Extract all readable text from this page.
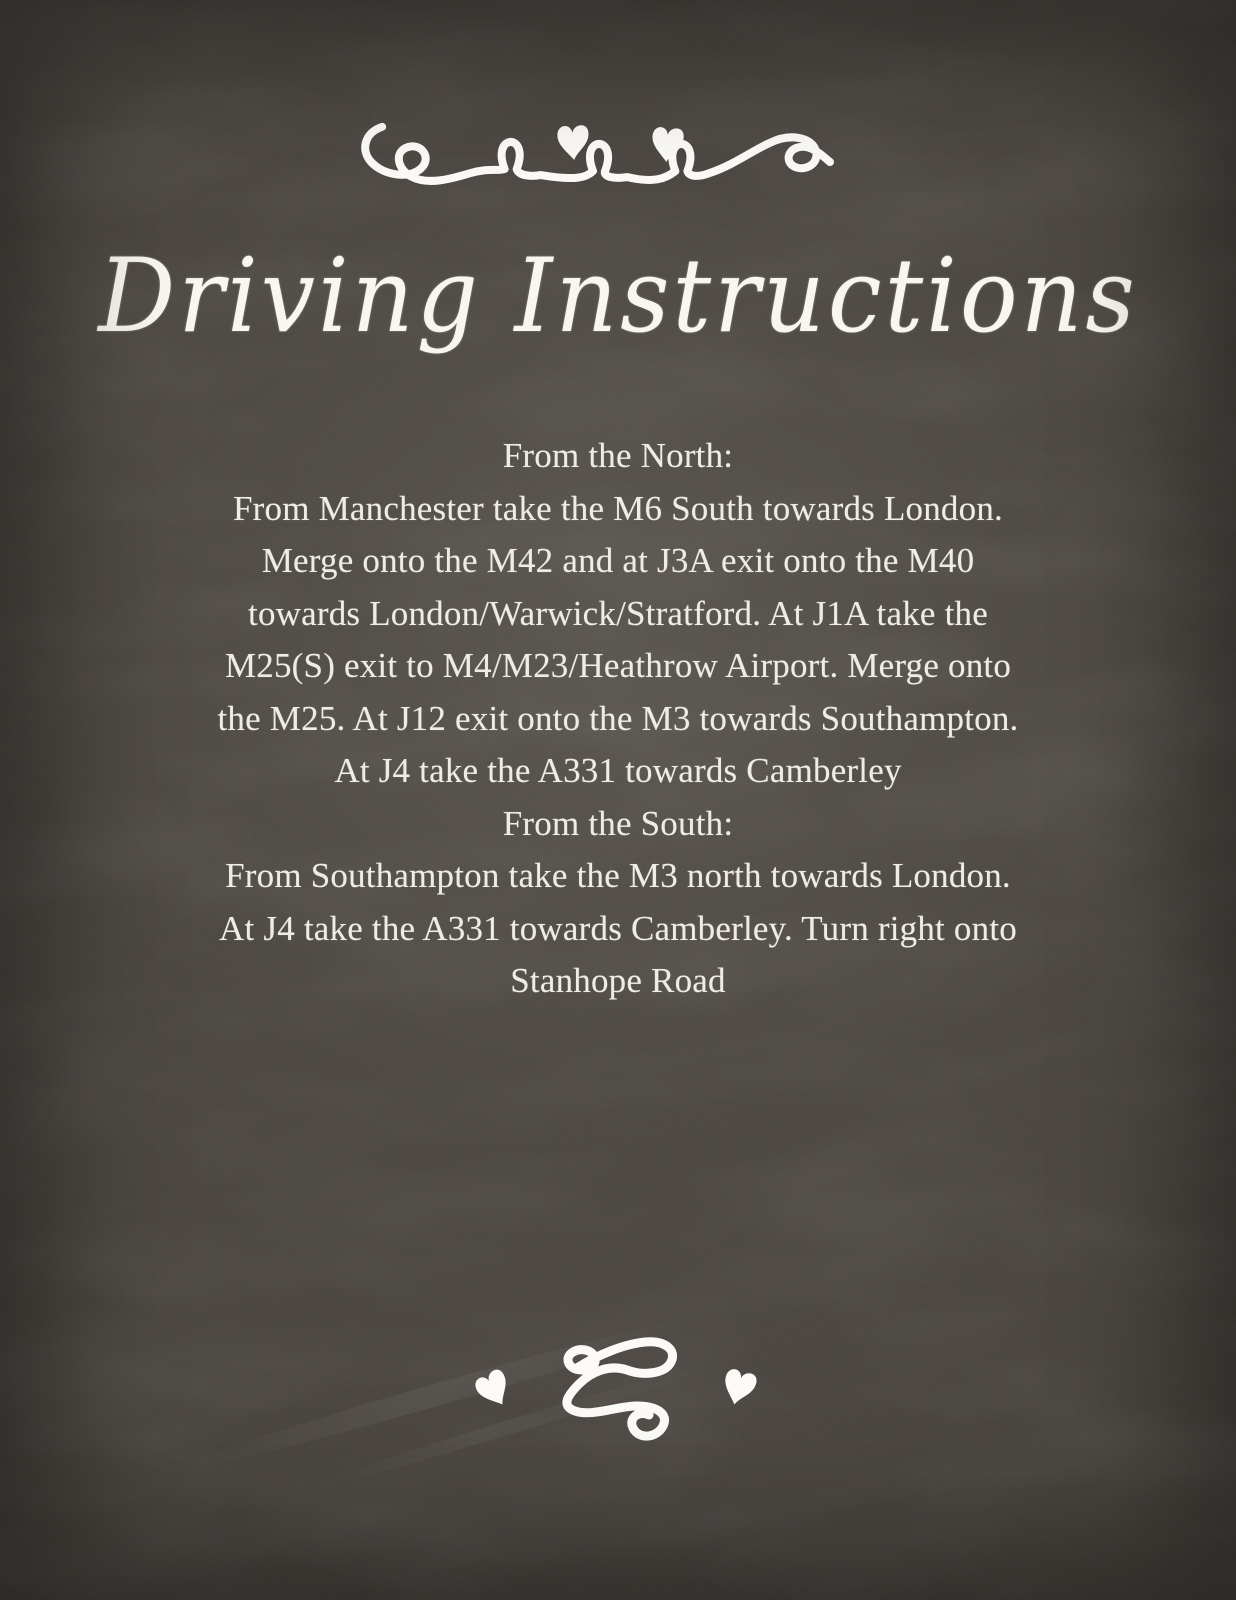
Driving Instructions
From the North:
From Manchester take the M6 South towards London.
Merge onto the M42 and at J3A exit onto the M40
towards London/Warwick/Stratford. At J1A take the
M25(S) exit to M4/M23/Heathrow Airport. Merge onto
the M25. At J12 exit onto the M3 towards Southampton.
At J4 take the A331 towards Camberley
From the South:
From Southampton take the M3 north towards London.
At J4 take the A331 towards Camberley. Turn right onto
Stanhope Road
